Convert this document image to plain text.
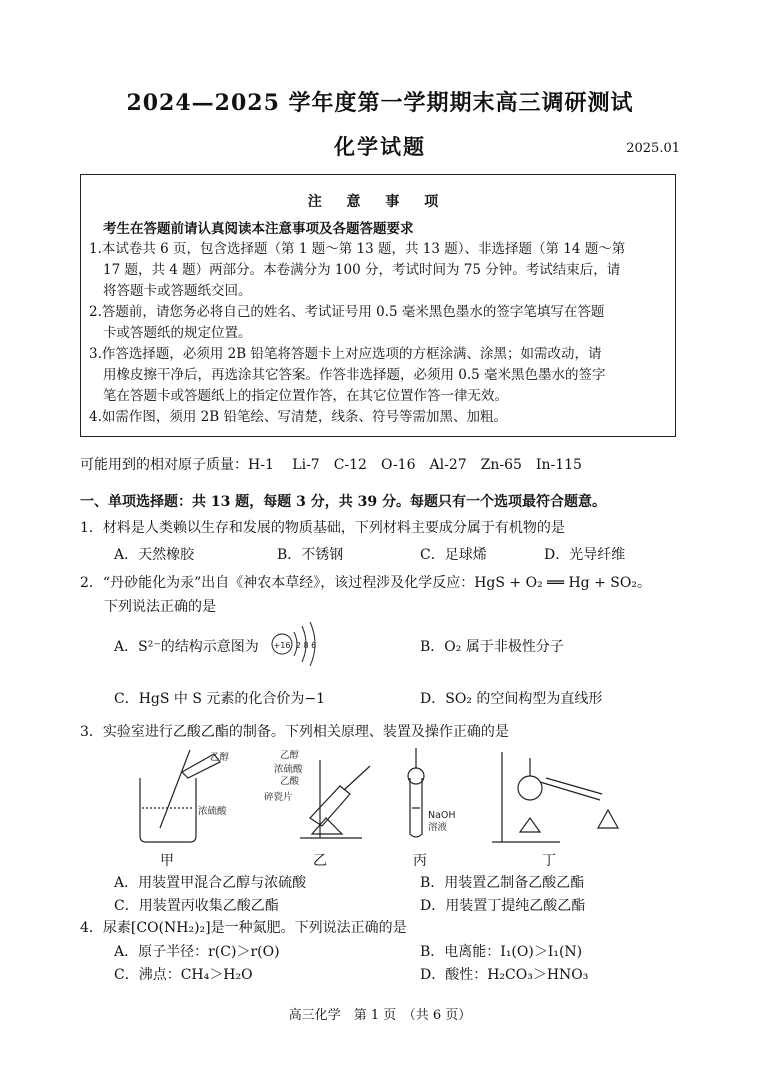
2024—2025 学年度第一学期期末高三调研测试
化学试题	2025.01
注 意 事 项
考生在答题前请认真阅读本注意事项及各题答题要求
1.本试卷共 6 页，包含选择题（第 1 题～第 13 题，共 13 题）、非选择题（第 14 题～第
17 题，共 4 题）两部分。本卷满分为 100 分，考试时间为 75 分钟。考试结束后，请
将答题卡或答题纸交回。
2.答题前，请您务必将自己的姓名、考试证号用 0.5 毫米黑色墨水的签字笔填写在答题
卡或答题纸的规定位置。
3.作答选择题，必须用 2B 铅笔将答题卡上对应选项的方框涂满、涂黑；如需改动，请
用橡皮擦干净后，再选涂其它答案。作答非选择题，必须用 0.5 毫米黑色墨水的签字
笔在答题卡或答题纸上的指定位置作答，在其它位置作答一律无效。
4.如需作图，须用 2B 铅笔绘、写清楚，线条、符号等需加黑、加粗。
可能用到的相对原子质量：H-1　 Li-7　C-12　O-16　Al-27　Zn-65　In-115
一、单项选择题：共 13 题，每题 3 分，共 39 分。每题只有一个选项最符合题意。
1．材料是人类赖以生存和发展的物质基础，下列材料主要成分属于有机物的是
A．天然橡胶	B．不锈钢	C．足球烯	D．光导纤维
2．“丹砂能化为汞”出自《神农本草经》，该过程涉及化学反应：HgS + O₂ ══ Hg + SO₂。
下列说法正确的是
A．S²⁻的结构示意图为 +16 2 8 6	B．O₂ 属于非极性分子
C．HgS 中 S 元素的化合价为−1	D．SO₂ 的空间构型为直线形
3．实验室进行乙酸乙酯的制备。下列相关原理、装置及操作正确的是
乙醇
浓硫酸
乙醇
浓硫酸
乙酸
碎瓷片
NaOH
溶液
甲	乙	丙	丁
A．用装置甲混合乙醇与浓硫酸	B．用装置乙制备乙酸乙酯
C．用装置丙收集乙酸乙酯	D．用装置丁提纯乙酸乙酯
4．尿素[CO(NH₂)₂]是一种氮肥。下列说法正确的是
A．原子半径：r(C)＞r(O)	B．电离能：I₁(O)＞I₁(N)
C．沸点：CH₄＞H₂O	D．酸性：H₂CO₃＞HNO₃
高三化学　第 1 页　（共 6 页）
